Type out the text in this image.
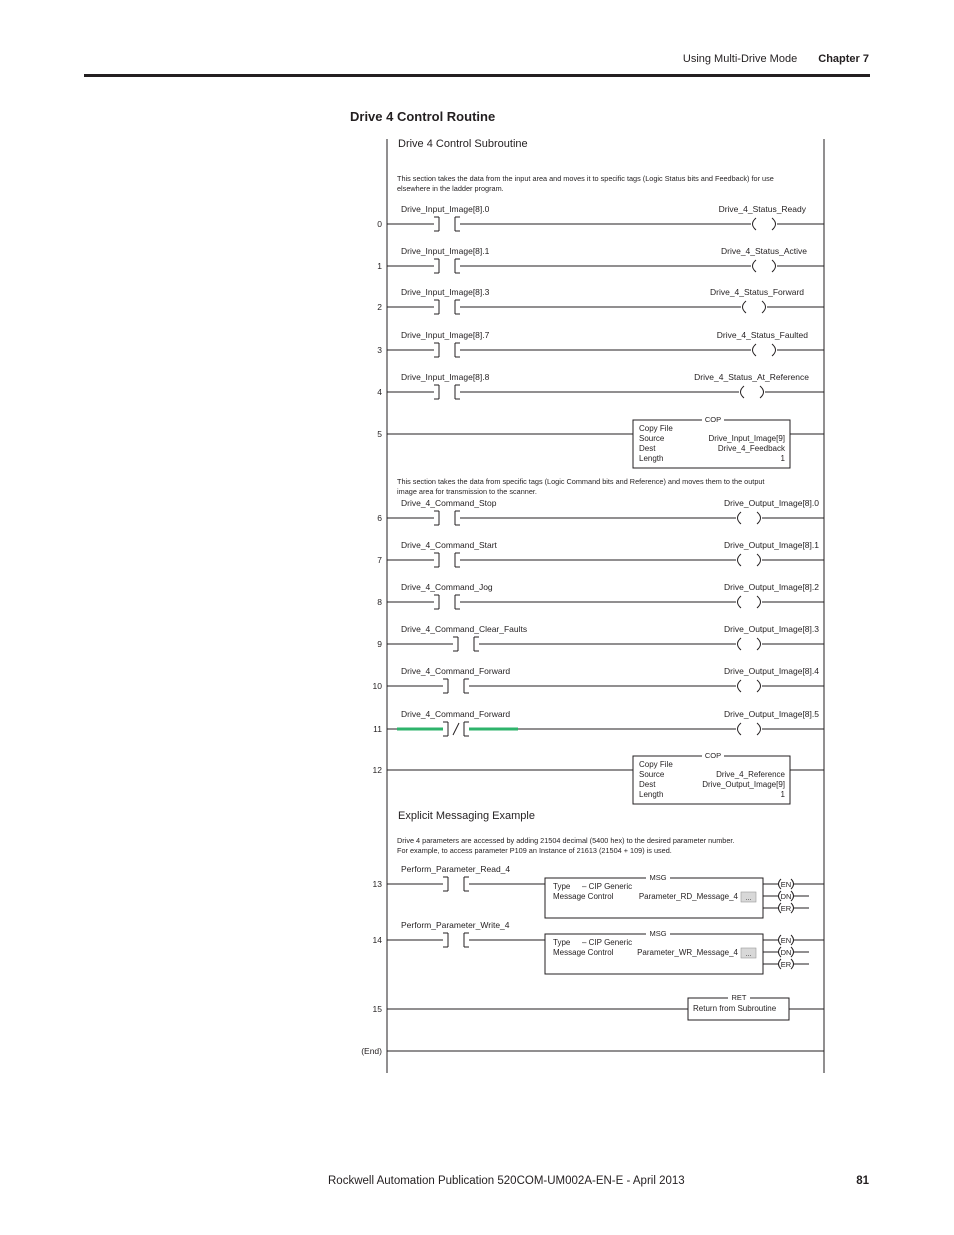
Using Multi-Drive Mode Chapter 7
Drive 4 Control Routine
Drive 4 Control Subroutine
This section takes the data from the input area and moves it to specific tags (Logic Status bits and Feedback) for use
elsewhere in the ladder program.
This section takes the data from specific tags (Logic Command bits and Reference) and moves them to the output
image area for transmission to the scanner.
Explicit Messaging Example
Drive 4 parameters are accessed by adding 21504 decimal (5400 hex) to the desired parameter number.
For example, to access parameter P109 an Instance of 21613 (21504 + 109) is used.
0
Drive_Input_Image[8].0	Drive_4_Status_Ready
1
Drive_Input_Image[8].1	Drive_4_Status_Active
2
Drive_Input_Image[8].3	Drive_4_Status_Forward
3
Drive_Input_Image[8].7	Drive_4_Status_Faulted
4
Drive_Input_Image[8].8	Drive_4_Status_At_Reference
5
COP
Copy File
Source	Drive_Input_Image[9]
Dest	Drive_4_Feedback
Length	1
6
Drive_4_Command_Stop	Drive_Output_Image[8].0
7
Drive_4_Command_Start	Drive_Output_Image[8].1
8
Drive_4_Command_Jog	Drive_Output_Image[8].2
9
Drive_4_Command_Clear_Faults	Drive_Output_Image[8].3
10
Drive_4_Command_Forward	Drive_Output_Image[8].4
11
Drive_4_Command_Forward	Drive_Output_Image[8].5
12
COP
Copy File
Source	Drive_4_Reference
Dest	Drive_Output_Image[9]
Length	1
13
Perform_Parameter_Read_4
MSG
Type – CIP Generic
Message Control	Parameter_RD_Message_4 ...
EN
DN
ER
14
Perform_Parameter_Write_4
MSG
Type – CIP Generic
Message Control	Parameter_WR_Message_4 ...
EN
DN
ER
15
RET
Return from Subroutine
(End)
Rockwell Automation Publication 520COM-UM002A-EN-E - April 2013	81
